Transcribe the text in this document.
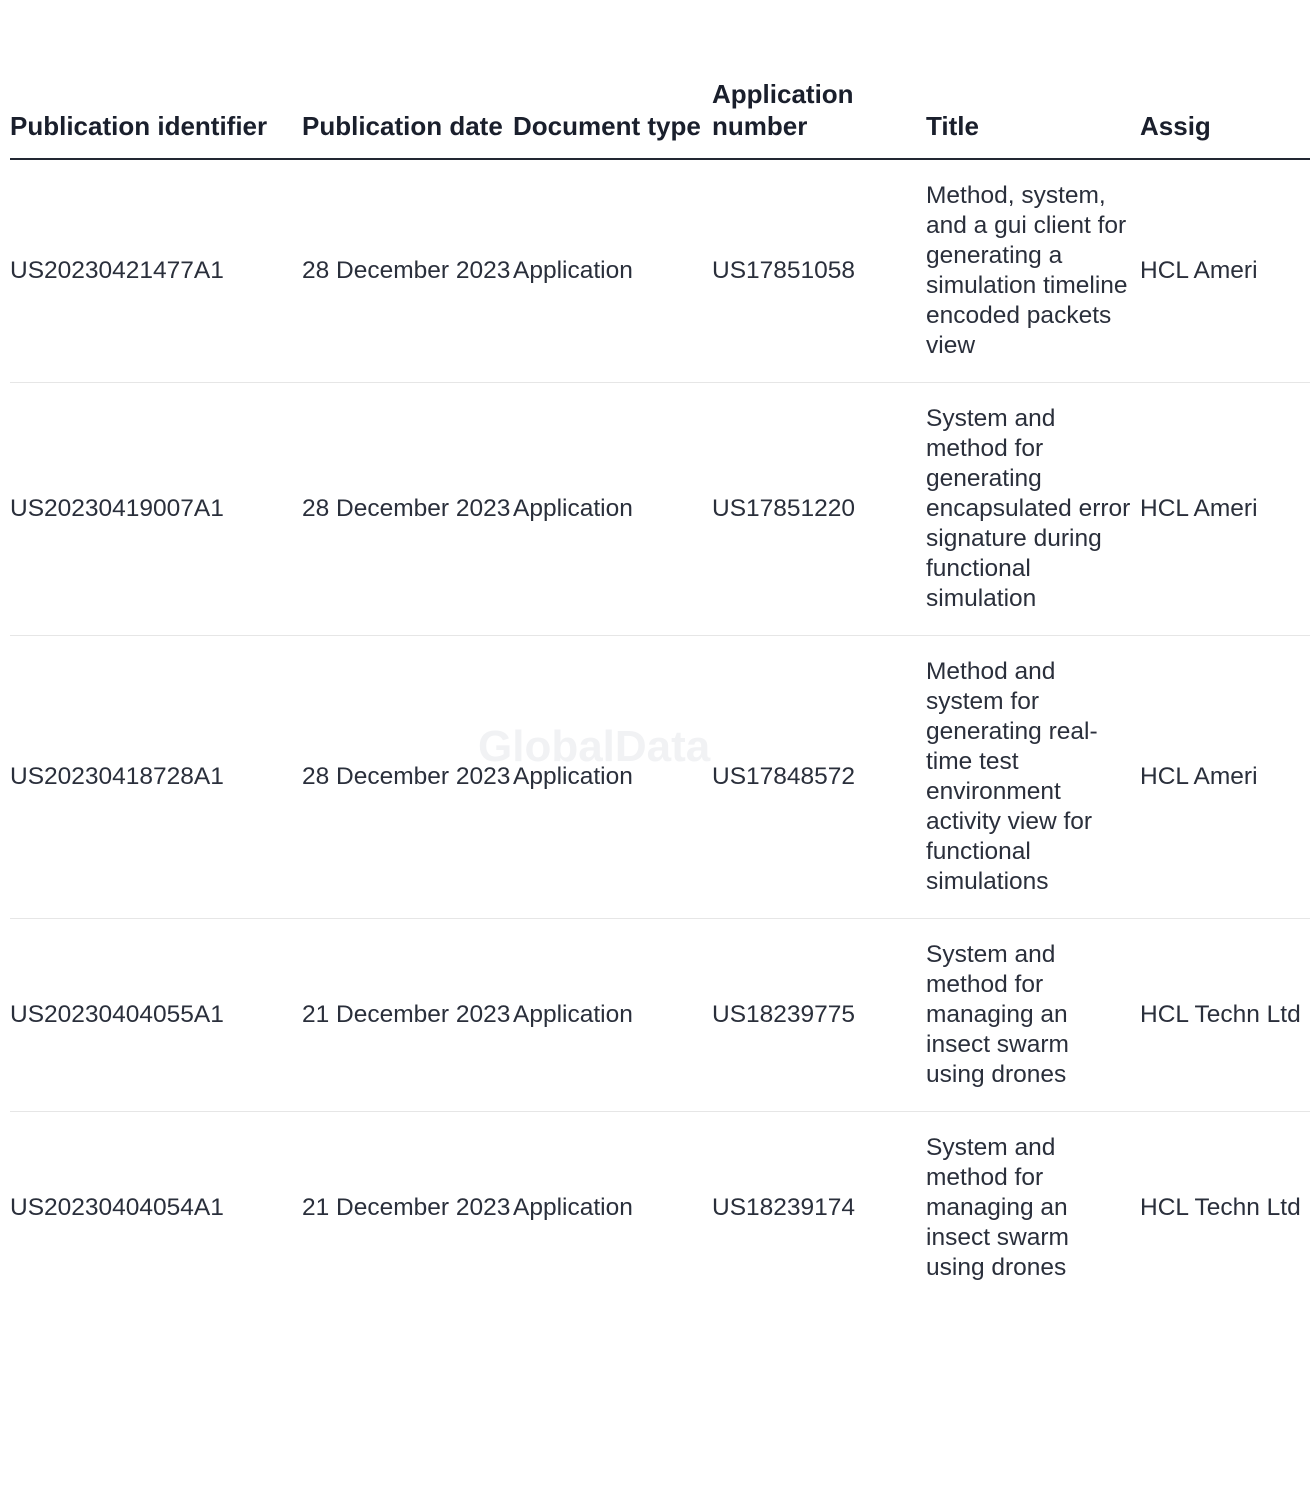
Publication identifier	Publication date	Document type	Application number	Title	Assig
US20230421477A1	28 December 2023	Application	US17851058	Method, system, and a gui client for generating a simulation timeline encoded packets view	HCL Ameri
US20230419007A1	28 December 2023	Application	US17851220	System and method for generating encapsulated error signature during functional simulation	HCL Ameri
US20230418728A1	28 December 2023	Application	US17848572	Method and system for generating real-time test environment activity view for functional simulations	HCL Ameri
US20230404055A1	21 December 2023	Application	US18239775	System and method for managing an insect swarm using drones	HCL Techn Ltd
US20230404054A1	21 December 2023	Application	US18239174	System and method for managing an insect swarm using drones	HCL Techn Ltd
GlobalData
